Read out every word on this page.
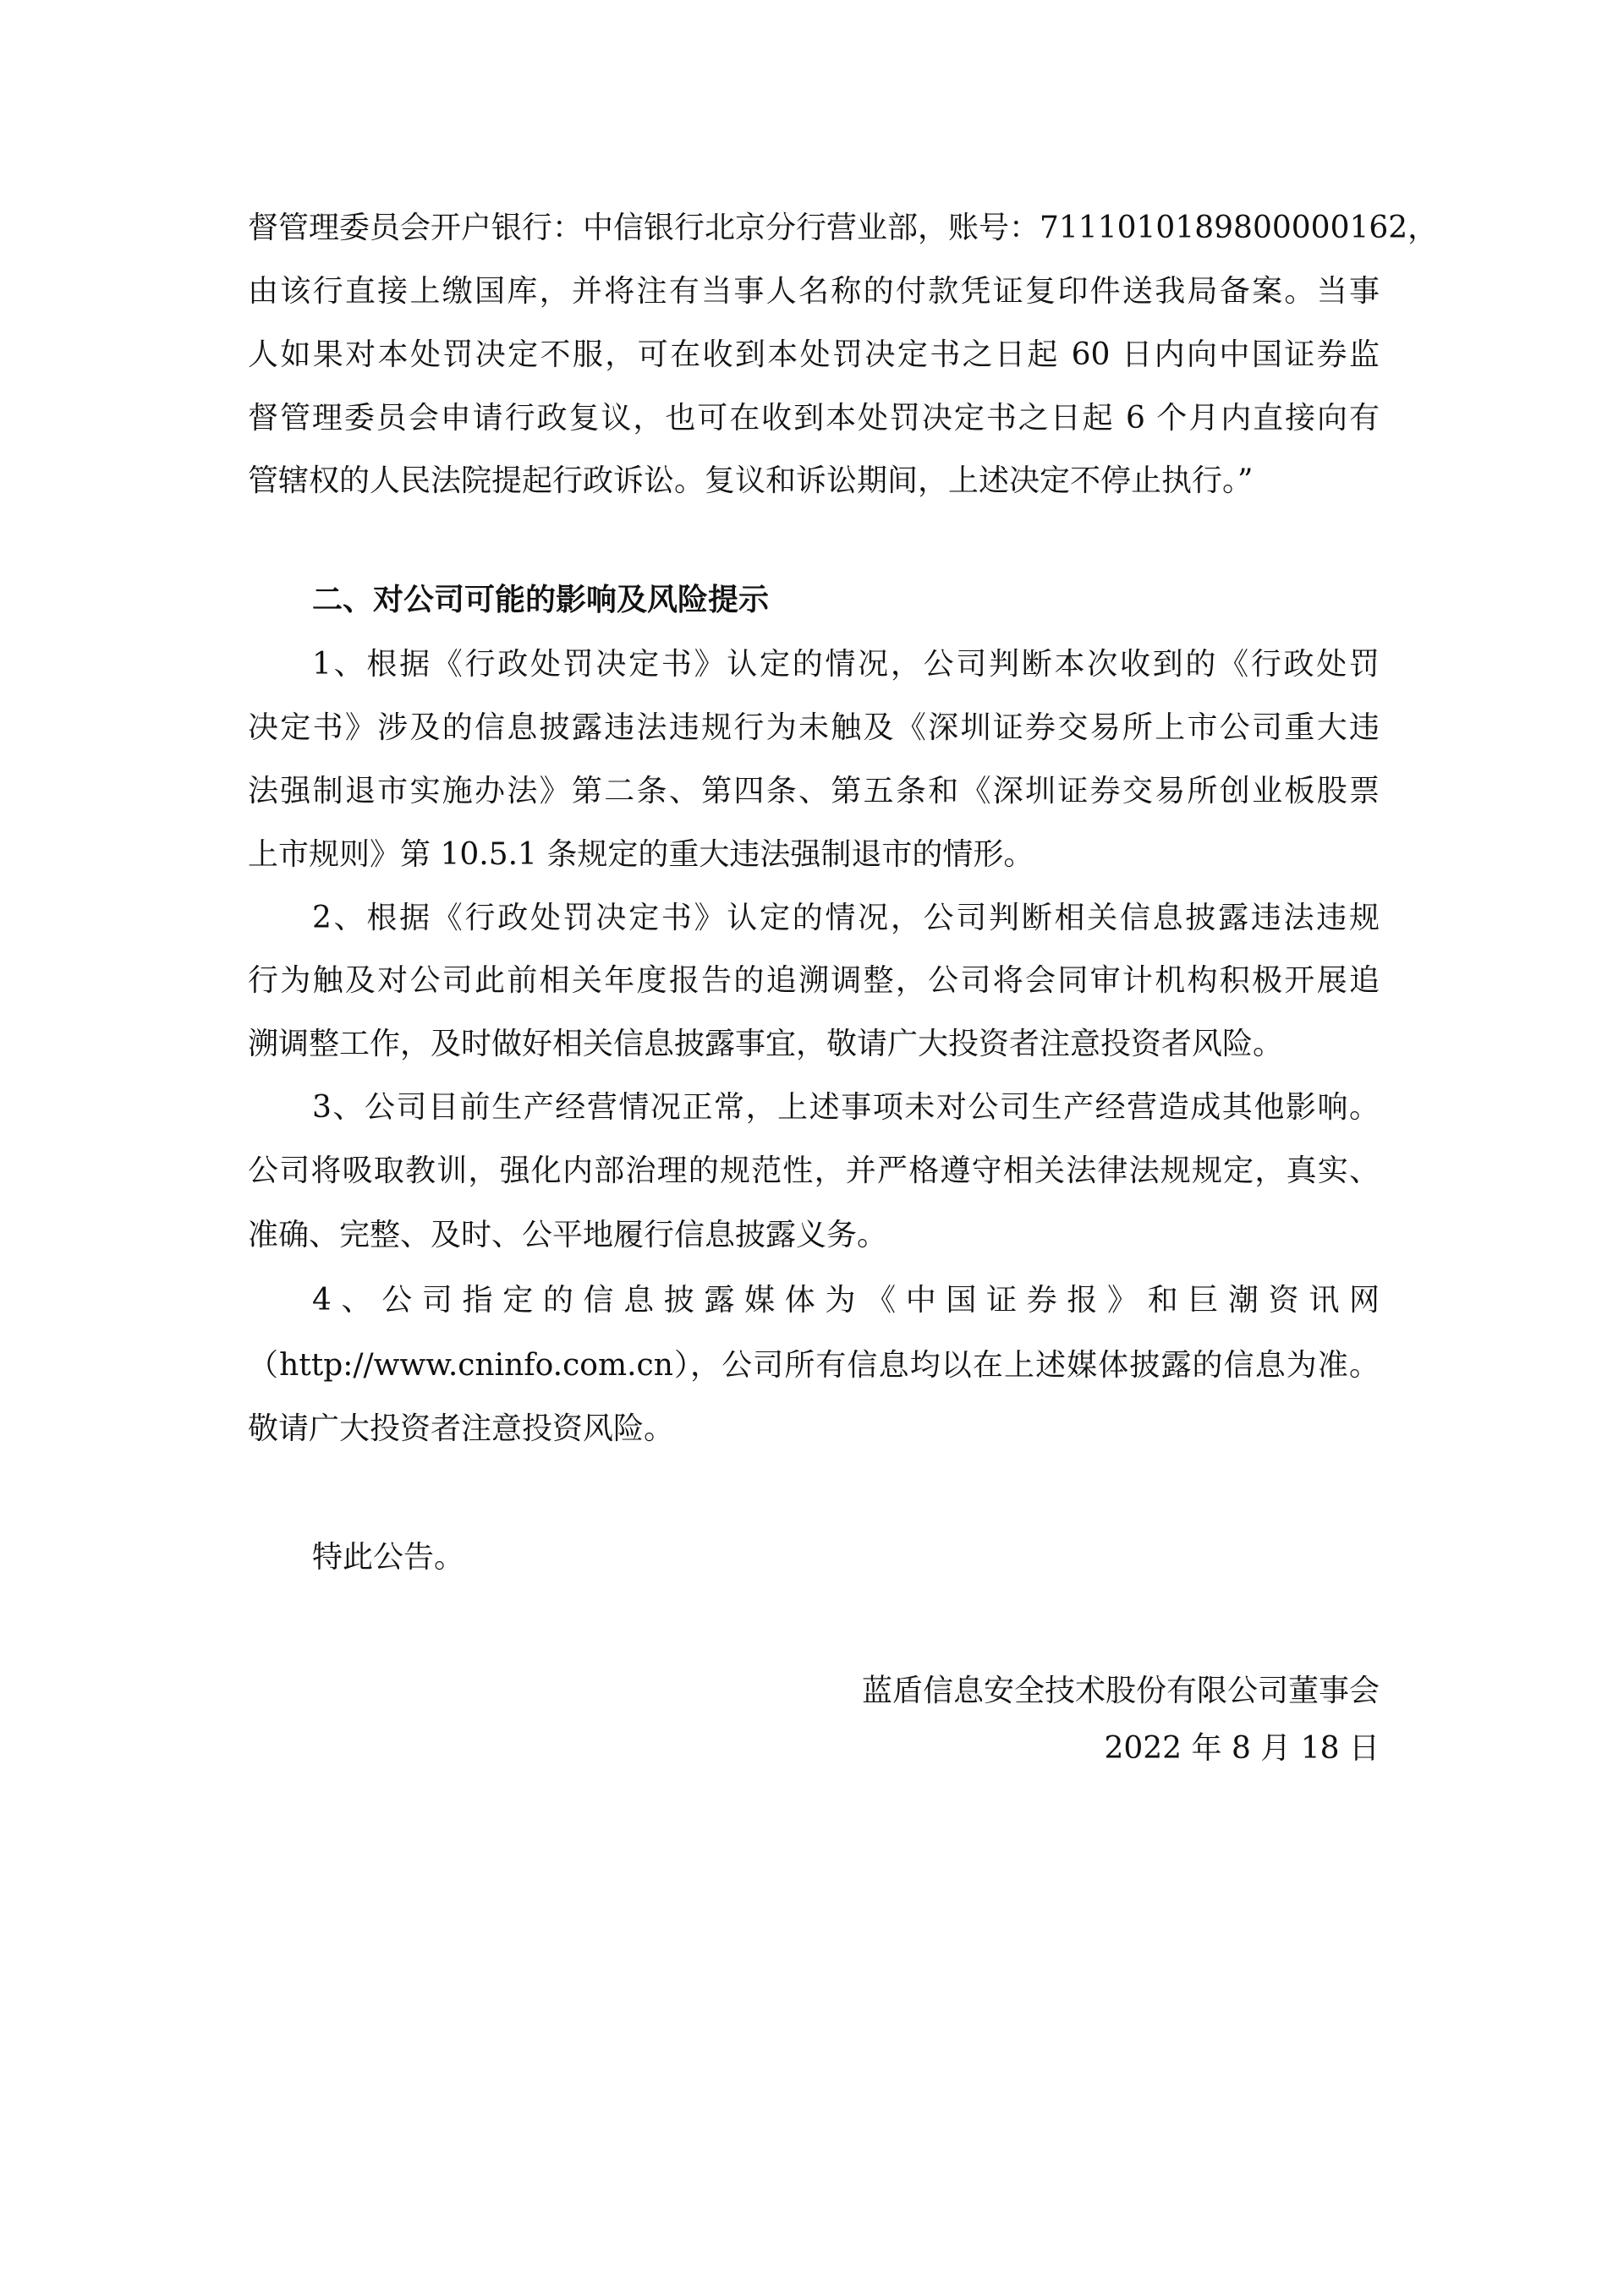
督管理委员会开户银行：中信银行北京分行营业部，账号：7111010189800000162，
由该行直接上缴国库，并将注有当事人名称的付款凭证复印件送我局备案。当事
人如果对本处罚决定不服，可在收到本处罚决定书之日起 60 日内向中国证券监
督管理委员会申请行政复议，也可在收到本处罚决定书之日起 6 个月内直接向有
管辖权的人民法院提起行政诉讼。复议和诉讼期间，上述决定不停止执行。”
二、对公司可能的影响及风险提示
1、根据《行政处罚决定书》认定的情况，公司判断本次收到的《行政处罚
决定书》涉及的信息披露违法违规行为未触及《深圳证券交易所上市公司重大违
法强制退市实施办法》第二条、第四条、第五条和《深圳证券交易所创业板股票
上市规则》第 10.5.1 条规定的重大违法强制退市的情形。
2、根据《行政处罚决定书》认定的情况，公司判断相关信息披露违法违规
行为触及对公司此前相关年度报告的追溯调整，公司将会同审计机构积极开展追
溯调整工作，及时做好相关信息披露事宜，敬请广大投资者注意投资者风险。
3、公司目前生产经营情况正常，上述事项未对公司生产经营造成其他影响。
公司将吸取教训，强化内部治理的规范性，并严格遵守相关法律法规规定，真实、
准确、完整、及时、公平地履行信息披露义务。
4、公司指定的信息披露媒体为《中国证券报》和巨潮资讯网
（http://www.cninfo.com.cn），公司所有信息均以在上述媒体披露的信息为准。
敬请广大投资者注意投资风险。
特此公告。
蓝盾信息安全技术股份有限公司董事会
2022 年 8 月 18 日
